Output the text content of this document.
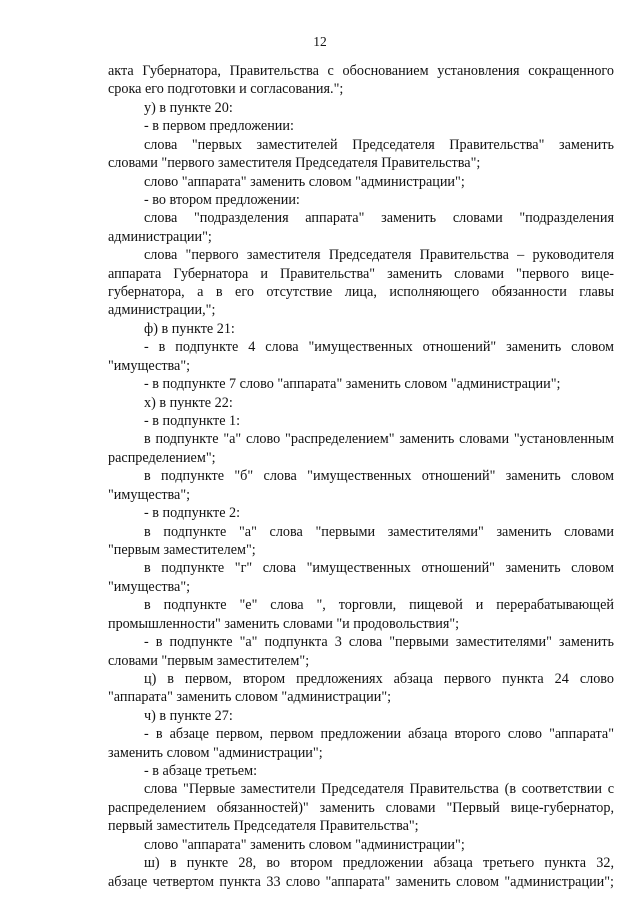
12
акта Губернатора, Правительства с обоснованием установления сокращенного
срока его подготовки и согласования.";
у) в пункте 20:
- в первом предложении:
слова "первых заместителей Председателя Правительства" заменить
словами "первого заместителя Председателя Правительства";
слово "аппарата" заменить словом "администрации";
- во втором предложении:
слова "подразделения аппарата" заменить словами "подразделения
администрации";
слова "первого заместителя Председателя Правительства – руководителя
аппарата Губернатора и Правительства" заменить словами "первого вице-
губернатора, а в его отсутствие лица, исполняющего обязанности главы
администрации,";
ф) в пункте 21:
- в подпункте 4 слова "имущественных отношений" заменить словом
"имущества";
- в подпункте 7 слово "аппарата" заменить словом "администрации";
х) в пункте 22:
- в подпункте 1:
в подпункте "а" слово "распределением" заменить словами "установленным
распределением";
в подпункте "б" слова "имущественных отношений" заменить словом
"имущества";
- в подпункте 2:
в подпункте "а" слова "первыми заместителями" заменить словами
"первым заместителем";
в подпункте "г" слова "имущественных отношений" заменить словом
"имущества";
в подпункте "е" слова ", торговли, пищевой и перерабатывающей
промышленности" заменить словами "и продовольствия";
- в подпункте "а" подпункта 3 слова "первыми заместителями" заменить
словами "первым заместителем";
ц) в первом, втором предложениях абзаца первого пункта 24 слово
"аппарата" заменить словом "администрации";
ч) в пункте 27:
- в абзаце первом, первом предложении абзаца второго слово "аппарата"
заменить словом "администрации";
- в абзаце третьем:
слова "Первые заместители Председателя Правительства (в соответствии с
распределением обязанностей)" заменить словами "Первый вице-губернатор,
первый заместитель Председателя Правительства";
слово "аппарата" заменить словом "администрации";
ш) в пункте 28, во втором предложении абзаца третьего пункта 32,
абзаце четвертом пункта 33 слово "аппарата" заменить словом "администрации";
